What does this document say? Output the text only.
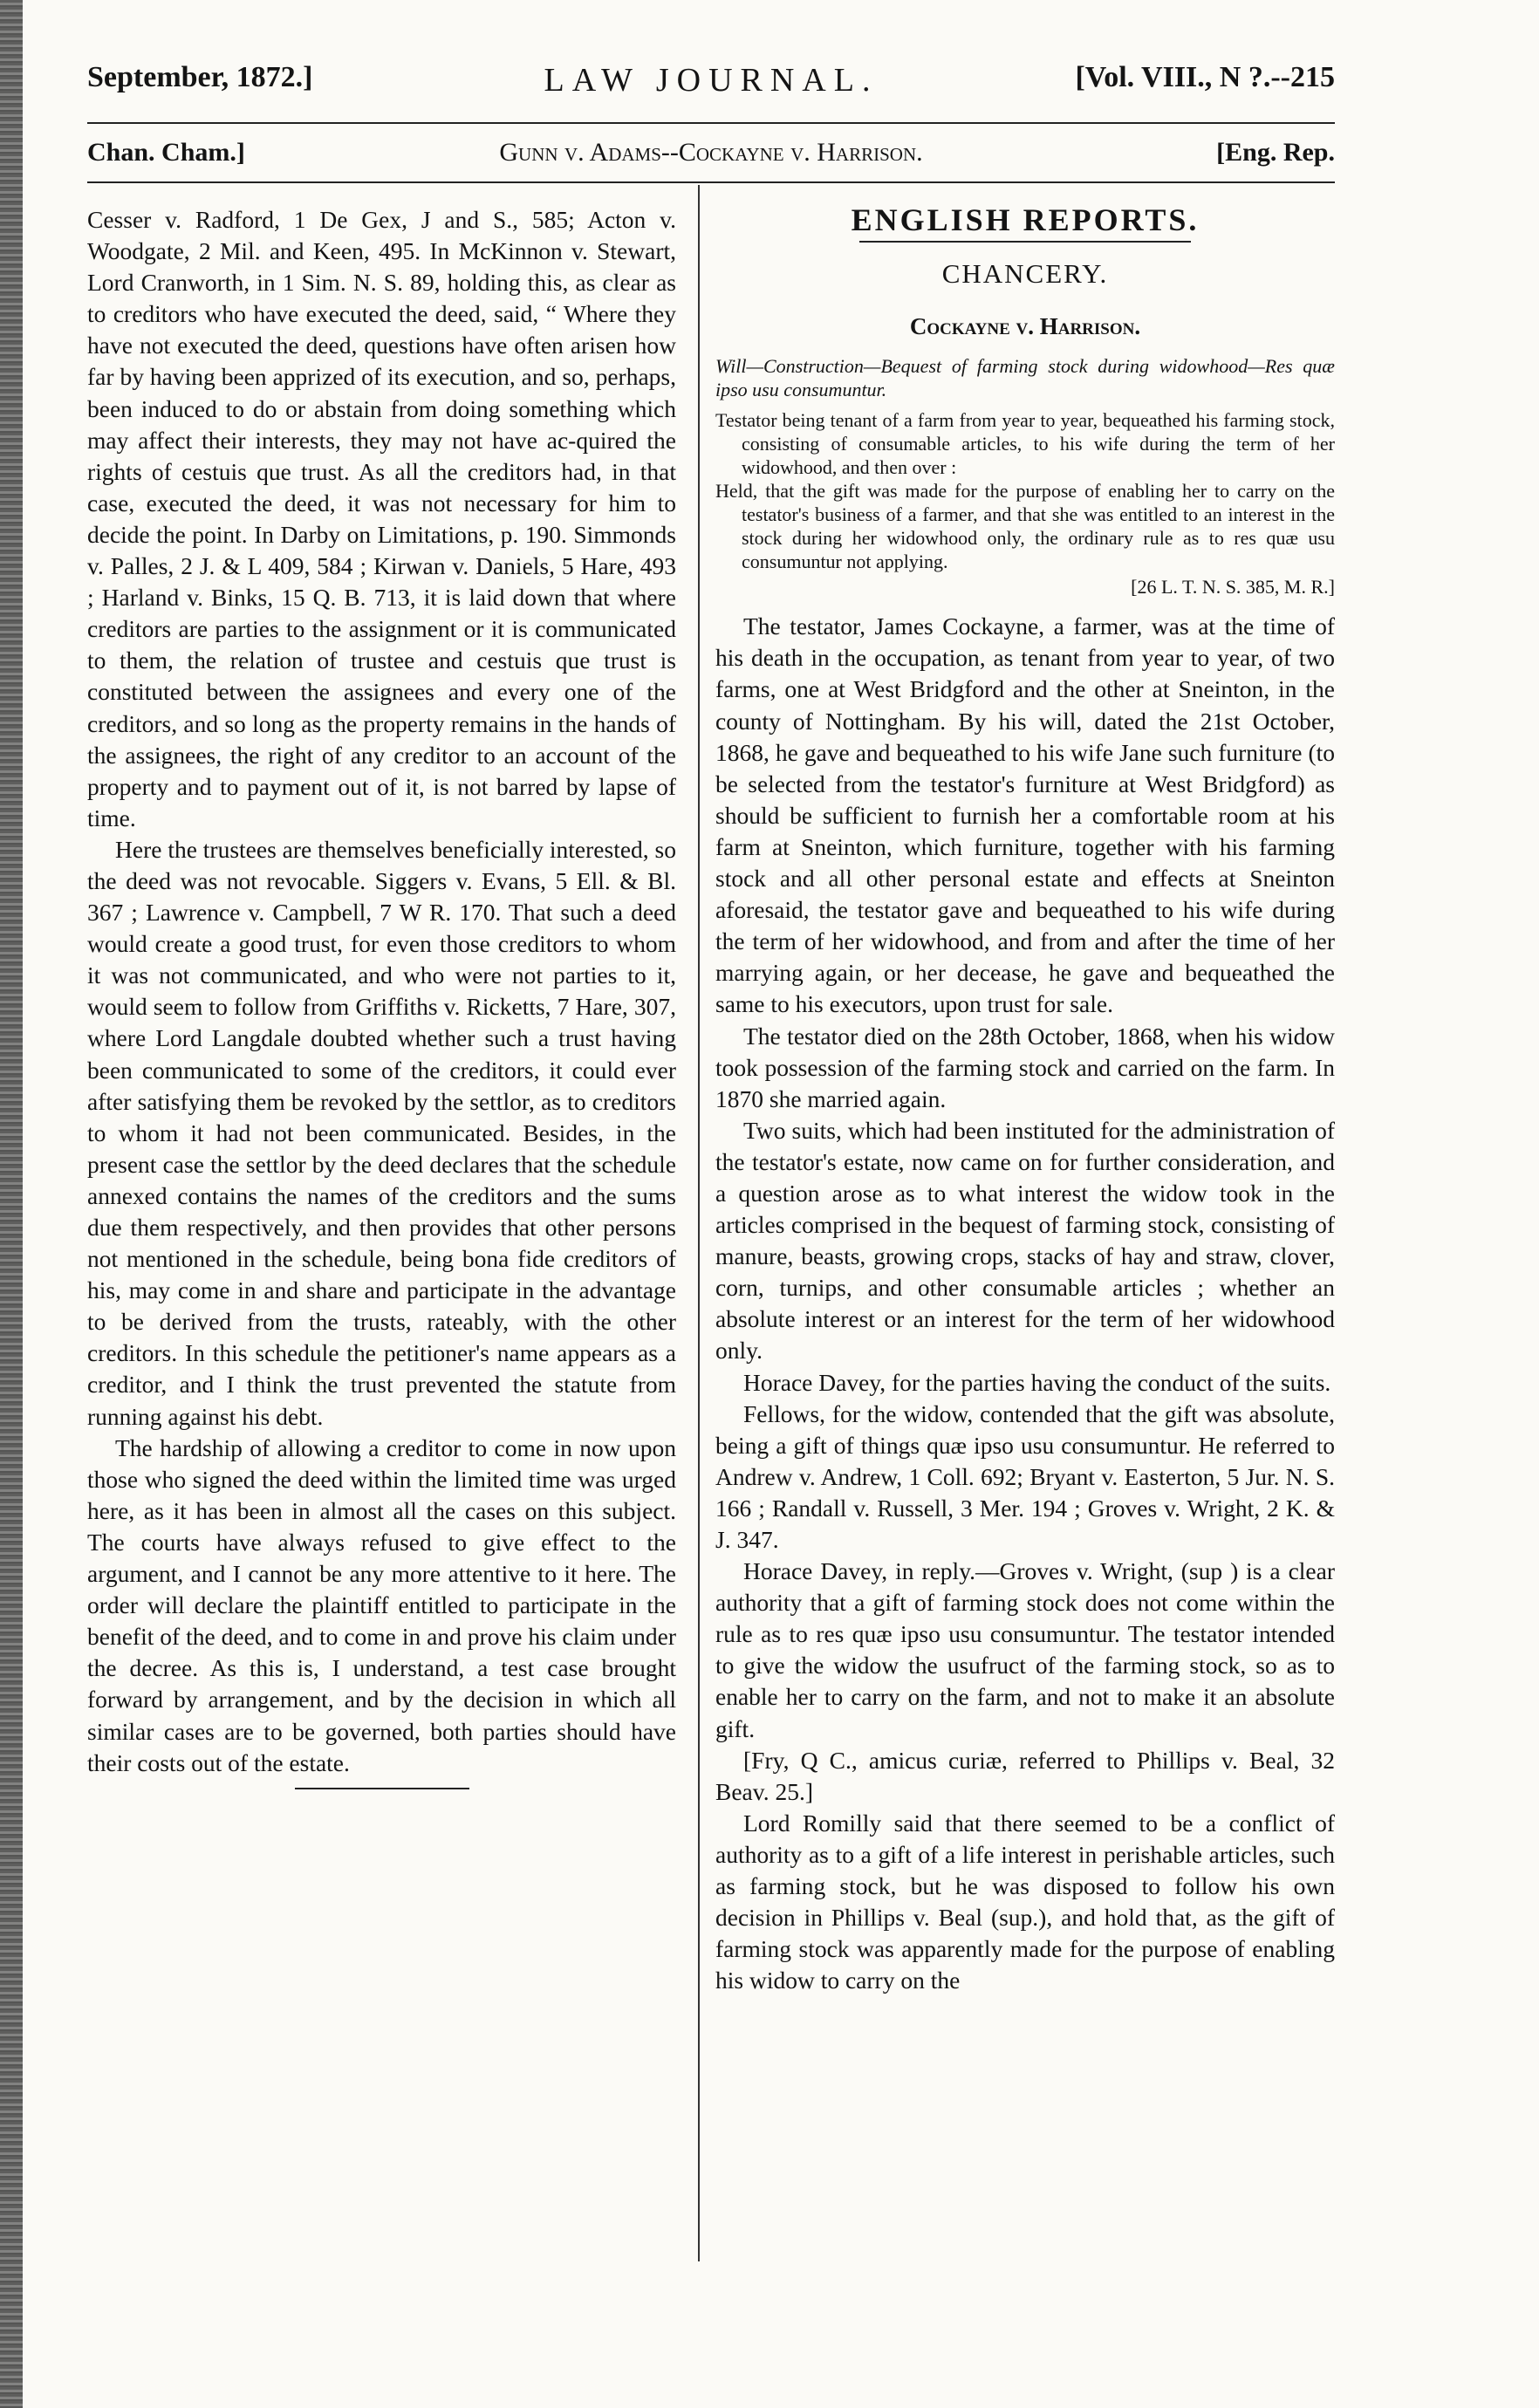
September, 1872.]	LAW JOURNAL.	[Vol. VIII., N ?.--215
Chan. Cham.]	Gunn v. Adams--Cockayne v. Harrison.	[Eng. Rep.

Cesser v. Radford, 1 De Gex, J and S., 585; Acton v. Woodgate, 2 Mil. and Keen, 495. In McKinnon v. Stewart, Lord Cranworth, in 1 Sim. N. S. 89, holding this, as clear as to creditors who have executed the deed, said, “ Where they have not executed the deed, questions have often arisen how far by having been apprized of its execution, and so, perhaps, been induced to do or abstain from doing something which may affect their interests, they may not have ac-quired the rights of cestuis que trust. As all the creditors had, in that case, executed the deed, it was not necessary for him to decide the point. In Darby on Limitations, p. 190. Simmonds v. Palles, 2 J. & L 409, 584 ; Kirwan v. Daniels, 5 Hare, 493 ; Harland v. Binks, 15 Q. B. 713, it is laid down that where creditors are parties to the assignment or it is communicated to them, the relation of trustee and cestuis que trust is constituted between the assignees and every one of the creditors, and so long as the property remains in the hands of the assignees, the right of any creditor to an account of the property and to payment out of it, is not barred by lapse of time.

Here the trustees are themselves beneficially interested, so the deed was not revocable. Siggers v. Evans, 5 Ell. & Bl. 367 ; Lawrence v. Campbell, 7 W R. 170. That such a deed would create a good trust, for even those creditors to whom it was not communicated, and who were not parties to it, would seem to follow from Griffiths v. Ricketts, 7 Hare, 307, where Lord Langdale doubted whether such a trust having been communicated to some of the creditors, it could ever after satisfying them be revoked by the settlor, as to creditors to whom it had not been communicated. Besides, in the present case the settlor by the deed declares that the schedule annexed contains the names of the creditors and the sums due them respectively, and then provides that other persons not mentioned in the schedule, being bona fide creditors of his, may come in and share and participate in the advantage to be derived from the trusts, rateably, with the other creditors. In this schedule the petitioner's name appears as a creditor, and I think the trust prevented the statute from running against his debt.

The hardship of allowing a creditor to come in now upon those who signed the deed within the limited time was urged here, as it has been in almost all the cases on this subject. The courts have always refused to give effect to the argument, and I cannot be any more attentive to it here. The order will declare the plaintiff entitled to participate in the benefit of the deed, and to come in and prove his claim under the decree. As this is, I understand, a test case brought forward by arrangement, and by the decision in which all similar cases are to be governed, both parties should have their costs out of the estate.

ENGLISH REPORTS.
CHANCERY.
Cockayne v. Harrison.
Will—Construction—Bequest of farming stock during widowhood—Res quæ ipso usu consumuntur.

Testator being tenant of a farm from year to year, bequeathed his farming stock, consisting of consumable articles, to his wife during the term of her widowhood, and then over :

Held, that the gift was made for the purpose of enabling her to carry on the testator's business of a farmer, and that she was entitled to an interest in the stock during her widowhood only, the ordinary rule as to res quæ usu consumuntur not applying.

[26 L. T. N. S. 385, M. R.]

The testator, James Cockayne, a farmer, was at the time of his death in the occupation, as tenant from year to year, of two farms, one at West Bridgford and the other at Sneinton, in the county of Nottingham. By his will, dated the 21st October, 1868, he gave and bequeathed to his wife Jane such furniture (to be selected from the testator's furniture at West Bridgford) as should be sufficient to furnish her a comfortable room at his farm at Sneinton, which furniture, together with his farming stock and all other personal estate and effects at Sneinton aforesaid, the testator gave and bequeathed to his wife during the term of her widowhood, and from and after the time of her marrying again, or her decease, he gave and bequeathed the same to his executors, upon trust for sale.

The testator died on the 28th October, 1868, when his widow took possession of the farming stock and carried on the farm. In 1870 she married again.

Two suits, which had been instituted for the administration of the testator's estate, now came on for further consideration, and a question arose as to what interest the widow took in the articles comprised in the bequest of farming stock, consisting of manure, beasts, growing crops, stacks of hay and straw, clover, corn, turnips, and other consumable articles ; whether an absolute interest or an interest for the term of her widowhood only.

Horace Davey, for the parties having the conduct of the suits.

Fellows, for the widow, contended that the gift was absolute, being a gift of things quæ ipso usu consumuntur. He referred to Andrew v. Andrew, 1 Coll. 692; Bryant v. Easterton, 5 Jur. N. S. 166 ; Randall v. Russell, 3 Mer. 194 ; Groves v. Wright, 2 K. & J. 347.

Horace Davey, in reply.—Groves v. Wright, (sup ) is a clear authority that a gift of farming stock does not come within the rule as to res quæ ipso usu consumuntur. The testator intended to give the widow the usufruct of the farming stock, so as to enable her to carry on the farm, and not to make it an absolute gift.

[Fry, Q C., amicus curiæ, referred to Phillips v. Beal, 32 Beav. 25.]

Lord Romilly said that there seemed to be a conflict of authority as to a gift of a life interest in perishable articles, such as farming stock, but he was disposed to follow his own decision in Phillips v. Beal (sup.), and hold that, as the gift of farming stock was apparently made for the purpose of enabling his widow to carry on the
